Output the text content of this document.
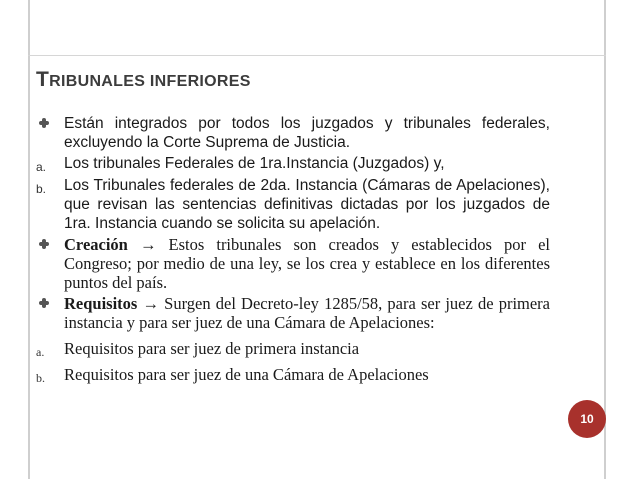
TRIBUNALES INFERIORES
Están integrados por todos los juzgados y tribunales federales, excluyendo la Corte Suprema de Justicia.
a. Los tribunales Federales de 1ra.Instancia (Juzgados) y,
b. Los Tribunales federales de 2da. Instancia (Cámaras de Apelaciones), que revisan las sentencias definitivas dictadas por los juzgados de 1ra. Instancia cuando se solicita su apelación.
Creación → Estos tribunales son creados y establecidos por el Congreso; por medio de una ley, se los crea y establece en los diferentes puntos del país.
Requisitos → Surgen del Decreto-ley 1285/58, para ser juez de primera instancia y para ser juez de una Cámara de Apelaciones:
a. Requisitos para ser juez de primera instancia
b. Requisitos para ser juez de una Cámara de Apelaciones
10
